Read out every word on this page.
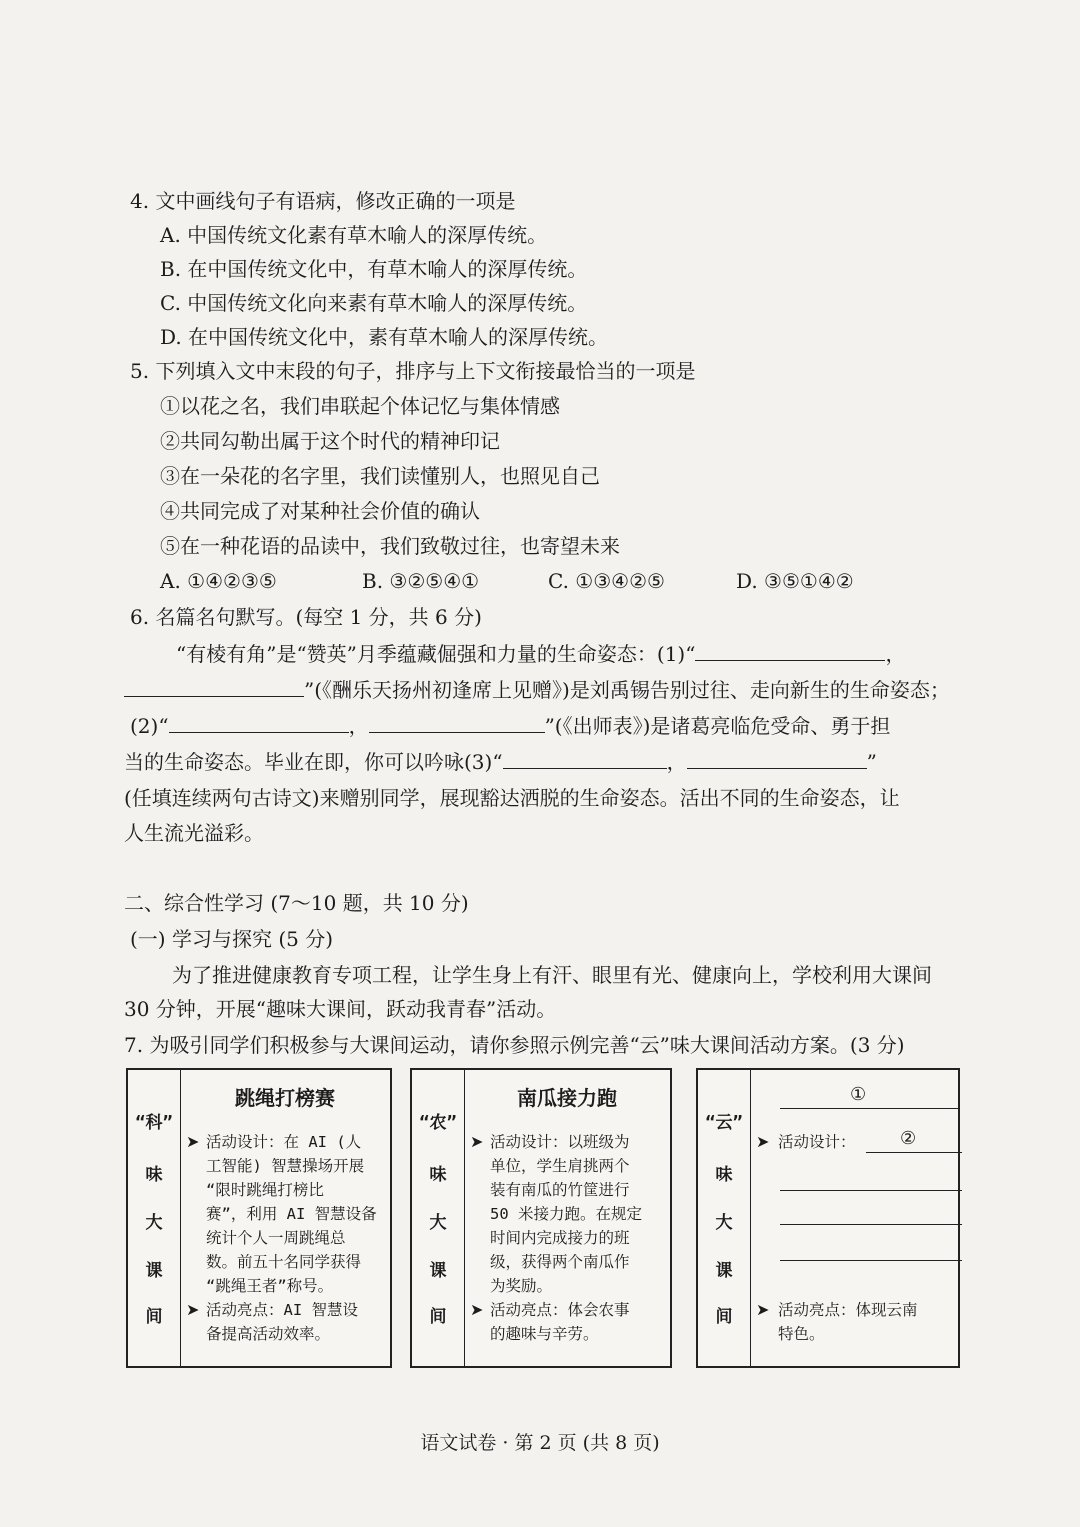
4. 文中画线句子有语病，修改正确的一项是
A. 中国传统文化素有草木喻人的深厚传统。
B. 在中国传统文化中，有草木喻人的深厚传统。
C. 中国传统文化向来素有草木喻人的深厚传统。
D. 在中国传统文化中，素有草木喻人的深厚传统。
5. 下列填入文中末段的句子，排序与上下文衔接最恰当的一项是
①以花之名，我们串联起个体记忆与集体情感
②共同勾勒出属于这个时代的精神印记
③在一朵花的名字里，我们读懂别人，也照见自己
④共同完成了对某种社会价值的确认
⑤在一种花语的品读中，我们致敬过往，也寄望未来
A. ①④②③⑤	B. ③②⑤④①	C. ①③④②⑤	D. ③⑤①④②
6. 名篇名句默写。(每空 1 分，共 6 分)
“有棱有角”是“赞英”月季蕴藏倔强和力量的生命姿态：(1)“	，
”(《酬乐天扬州初逢席上见赠》)是刘禹锡告别过往、走向新生的生命姿态；
(2)“	，	”(《出师表》)是诸葛亮临危受命、勇于担
当的生命姿态。毕业在即，你可以吟咏(3)“	，	”
(任填连续两句古诗文)来赠别同学，展现豁达洒脱的生命姿态。活出不同的生命姿态，让
人生流光溢彩。
二、综合性学习 (7～10 题，共 10 分)
(一) 学习与探究 (5 分)
为了推进健康教育专项工程，让学生身上有汗、眼里有光、健康向上，学校利用大课间
30 分钟，开展“趣味大课间，跃动我青春”活动。
7. 为吸引同学们积极参与大课间运动，请你参照示例完善“云”味大课间活动方案。(3 分)
“科”
味
大
课
间
跳绳打榜赛
➤ 活动设计：在 AI (人
工智能) 智慧操场开展
“限时跳绳打榜比
赛”，利用 AI 智慧设备
统计个人一周跳绳总
数。前五十名同学获得
“跳绳王者”称号。
➤ 活动亮点：AI 智慧设
备提高活动效率。
“农”
味
大
课
间
南瓜接力跑
➤ 活动设计：以班级为
单位，学生肩挑两个
装有南瓜的竹筐进行
50 米接力跑。在规定
时间内完成接力的班
级，获得两个南瓜作
为奖励。
➤ 活动亮点：体会农事
的趣味与辛劳。
“云”
味
大
课
间
①
➤ 活动设计：	②
➤ 活动亮点：体现云南
特色。
语文试卷 · 第 2 页 (共 8 页)
